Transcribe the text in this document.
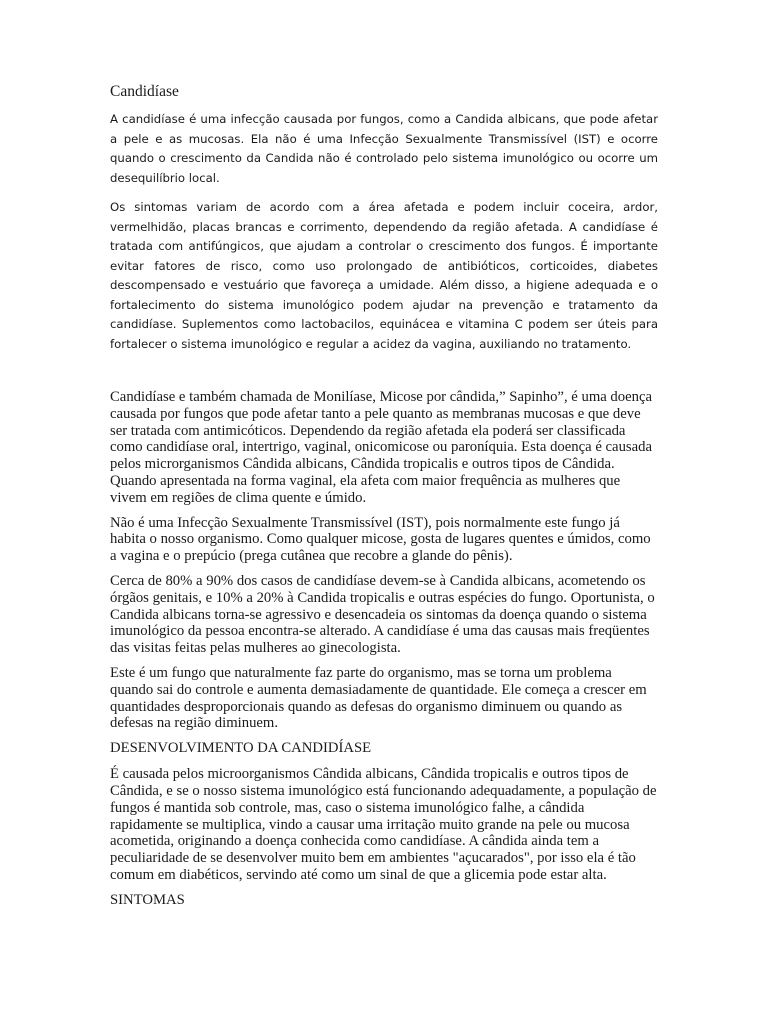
Candidíase

A candidíase é uma infecção causada por fungos, como a Candida albicans, que pode afetar a pele e as mucosas. Ela não é uma Infecção Sexualmente Transmissível (IST) e ocorre quando o crescimento da Candida não é controlado pelo sistema imunológico ou ocorre um desequilíbrio local.

Os sintomas variam de acordo com a área afetada e podem incluir coceira, ardor, vermelhidão, placas brancas e corrimento, dependendo da região afetada. A candidíase é tratada com antifúngicos, que ajudam a controlar o crescimento dos fungos. É importante evitar fatores de risco, como uso prolongado de antibióticos, corticoides, diabetes descompensado e vestuário que favoreça a umidade. Além disso, a higiene adequada e o fortalecimento do sistema imunológico podem ajudar na prevenção e tratamento da candidíase. Suplementos como lactobacilos, equinácea e vitamina C podem ser úteis para fortalecer o sistema imunológico e regular a acidez da vagina, auxiliando no tratamento.

Candidíase e também chamada de Monilíase, Micose por cândida,” Sapinho”, é uma doença causada por fungos que pode afetar tanto a pele quanto as membranas mucosas e que deve ser tratada com antimicóticos. Dependendo da região afetada ela poderá ser classificada como candidíase oral, intertrigo, vaginal, onicomicose ou paroníquia. Esta doença é causada pelos microrganismos Cândida albicans, Cândida tropicalis e outros tipos de Cândida. Quando apresentada na forma vaginal, ela afeta com maior frequência as mulheres que vivem em regiões de clima quente e úmido.

Não é uma Infecção Sexualmente Transmissível (IST), pois normalmente este fungo já habita o nosso organismo. Como qualquer micose, gosta de lugares quentes e úmidos, como a vagina e o prepúcio (prega cutânea que recobre a glande do pênis).

Cerca de 80% a 90% dos casos de candidíase devem-se à Candida albicans, acometendo os órgãos genitais, e 10% a 20% à Candida tropicalis e outras espécies do fungo. Oportunista, o Candida albicans torna-se agressivo e desencadeia os sintomas da doença quando o sistema imunológico da pessoa encontra-se alterado. A candidíase é uma das causas mais freqüentes das visitas feitas pelas mulheres ao ginecologista.

Este é um fungo que naturalmente faz parte do organismo, mas se torna um problema quando sai do controle e aumenta demasiadamente de quantidade. Ele começa a crescer em quantidades desproporcionais quando as defesas do organismo diminuem ou quando as defesas na região diminuem.

DESENVOLVIMENTO DA CANDIDÍASE

É causada pelos microorganismos Cândida albicans, Cândida tropicalis e outros tipos de Cândida, e se o nosso sistema imunológico está funcionando adequadamente, a população de fungos é mantida sob controle, mas, caso o sistema imunológico falhe, a cândida rapidamente se multiplica, vindo a causar uma irritação muito grande na pele ou mucosa acometida, originando a doença conhecida como candidíase. A cândida ainda tem a peculiaridade de se desenvolver muito bem em ambientes "açucarados", por isso ela é tão comum em diabéticos, servindo até como um sinal de que a glicemia pode estar alta.

SINTOMAS
